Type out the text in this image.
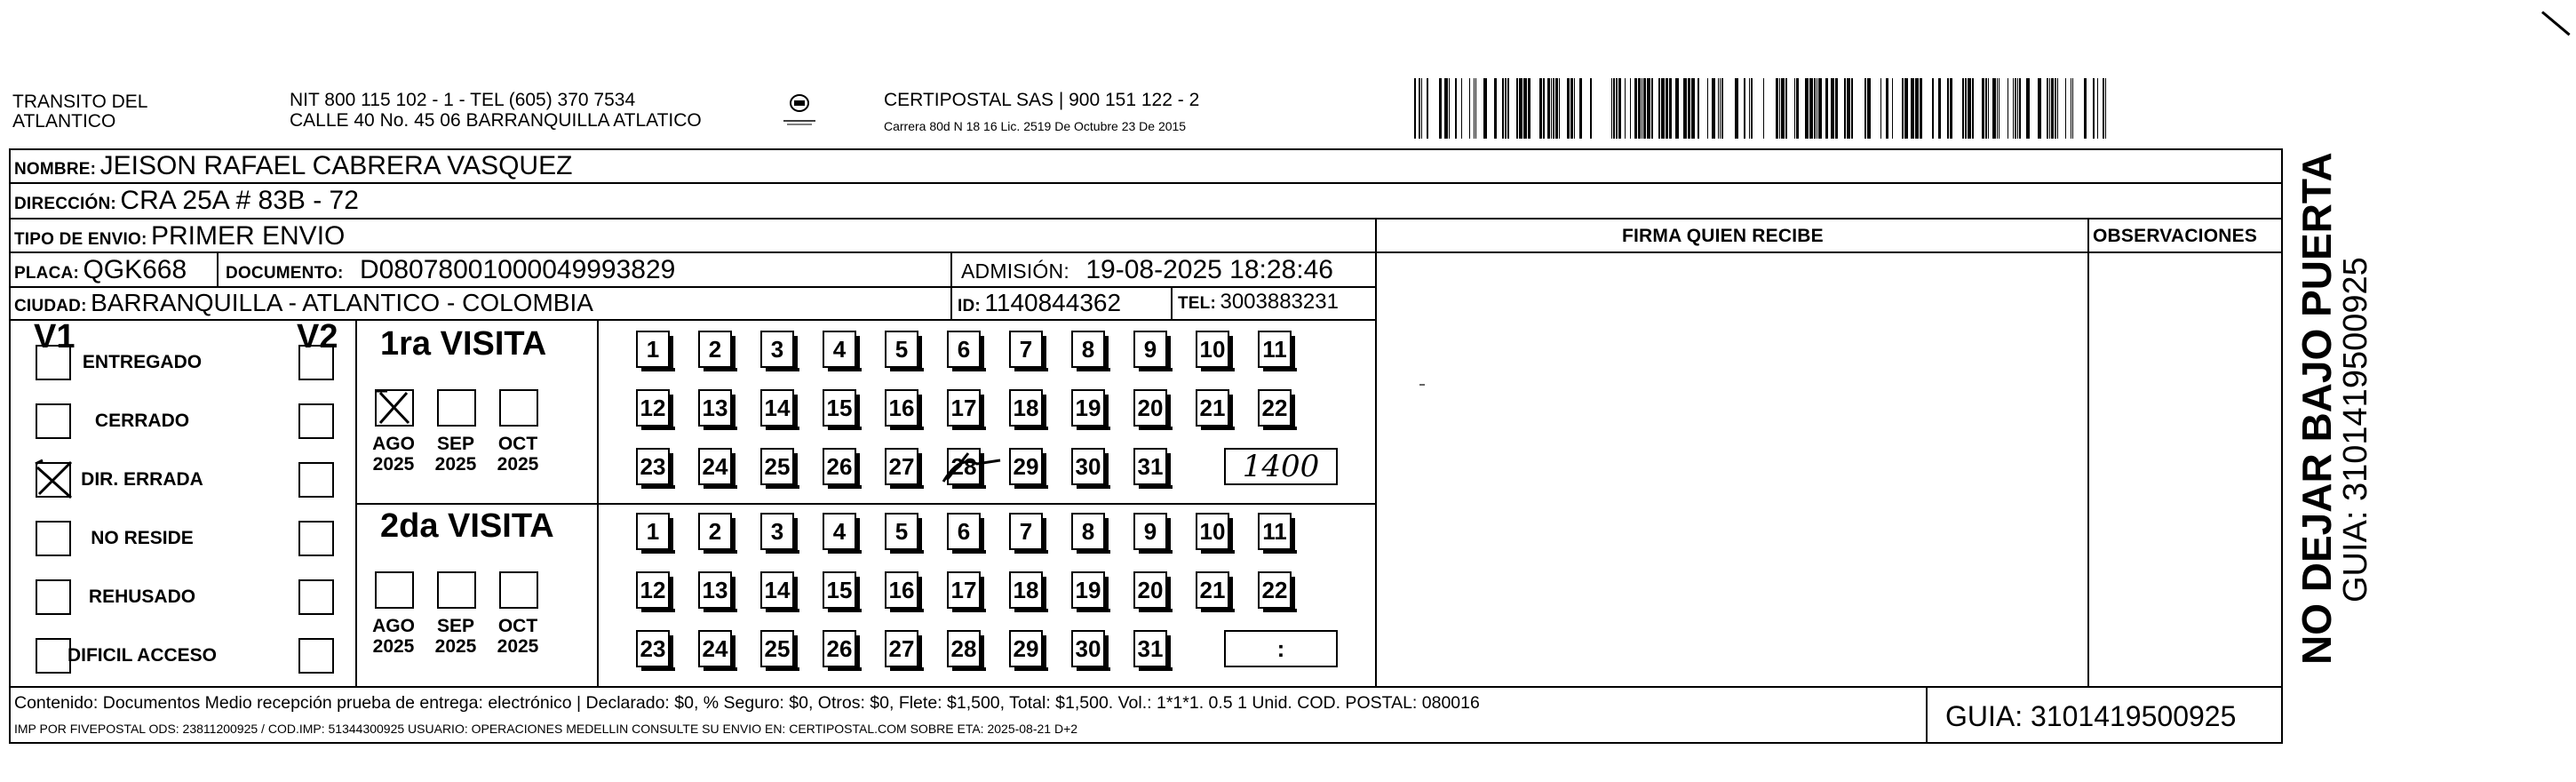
TRANSITO DEL
ATLANTICO
NIT 800 115 102 - 1 - TEL (605) 370 7534
CALLE 40 No. 45 06 BARRANQUILLA ATLATICO
CERTIPOSTAL SAS | 900 151 122 - 2
Carrera 80d N 18 16 Lic. 2519 De Octubre 23 De 2015
NOMBRE: JEISON RAFAEL CABRERA VASQUEZ
DIRECCIÓN: CRA 25A # 83B - 72
TIPO DE ENVIO: PRIMER ENVIO
PLACA: QGK668 DOCUMENTO: D08078001000049993829	ADMISIÓN: 19-08-2025 18:28:46
CIUDAD: BARRANQUILLA - ATLANTICO - COLOMBIA	ID: 1140844362	TEL: 3003883231
FIRMA QUIEN RECIBE	OBSERVACIONES
V1	V2
ENTREGADO
CERRADO
DIR. ERRADA
NO RESIDE
REHUSADO
DIFICIL ACCESO
1ra VISITA
AGO
2025
SEP
2025
OCT
2025
1	2	3	4	5	6	7	8	9	10 11
12 13 14 15 16 17 18 19 20 21 22
23 24 25 26 27 28 29 30 31	1400
2da VISITA
AGO
2025
SEP
2025
OCT
2025
1	2	3	4	5	6	7	8	9	10 11
12 13 14 15 16 17 18 19 20 21 22
23 24 25 26 27 28 29 30 31	:
Contenido: Documentos Medio recepción prueba de entrega: electrónico | Declarado: $0, % Seguro: $0, Otros: $0, Flete: $1,500, Total: $1,500. Vol.: 1*1*1. 0.5 1 Unid. COD. POSTAL: 080016
IMP POR FIVEPOSTAL ODS: 23811200925 / COD.IMP: 51344300925 USUARIO: OPERACIONES MEDELLIN CONSULTE SU ENVIO EN: CERTIPOSTAL.COM SOBRE ETA: 2025-08-21 D+2	GUIA: 3101419500925
NO DEJAR BAJO PUERTA
GUIA: 3101419500925
